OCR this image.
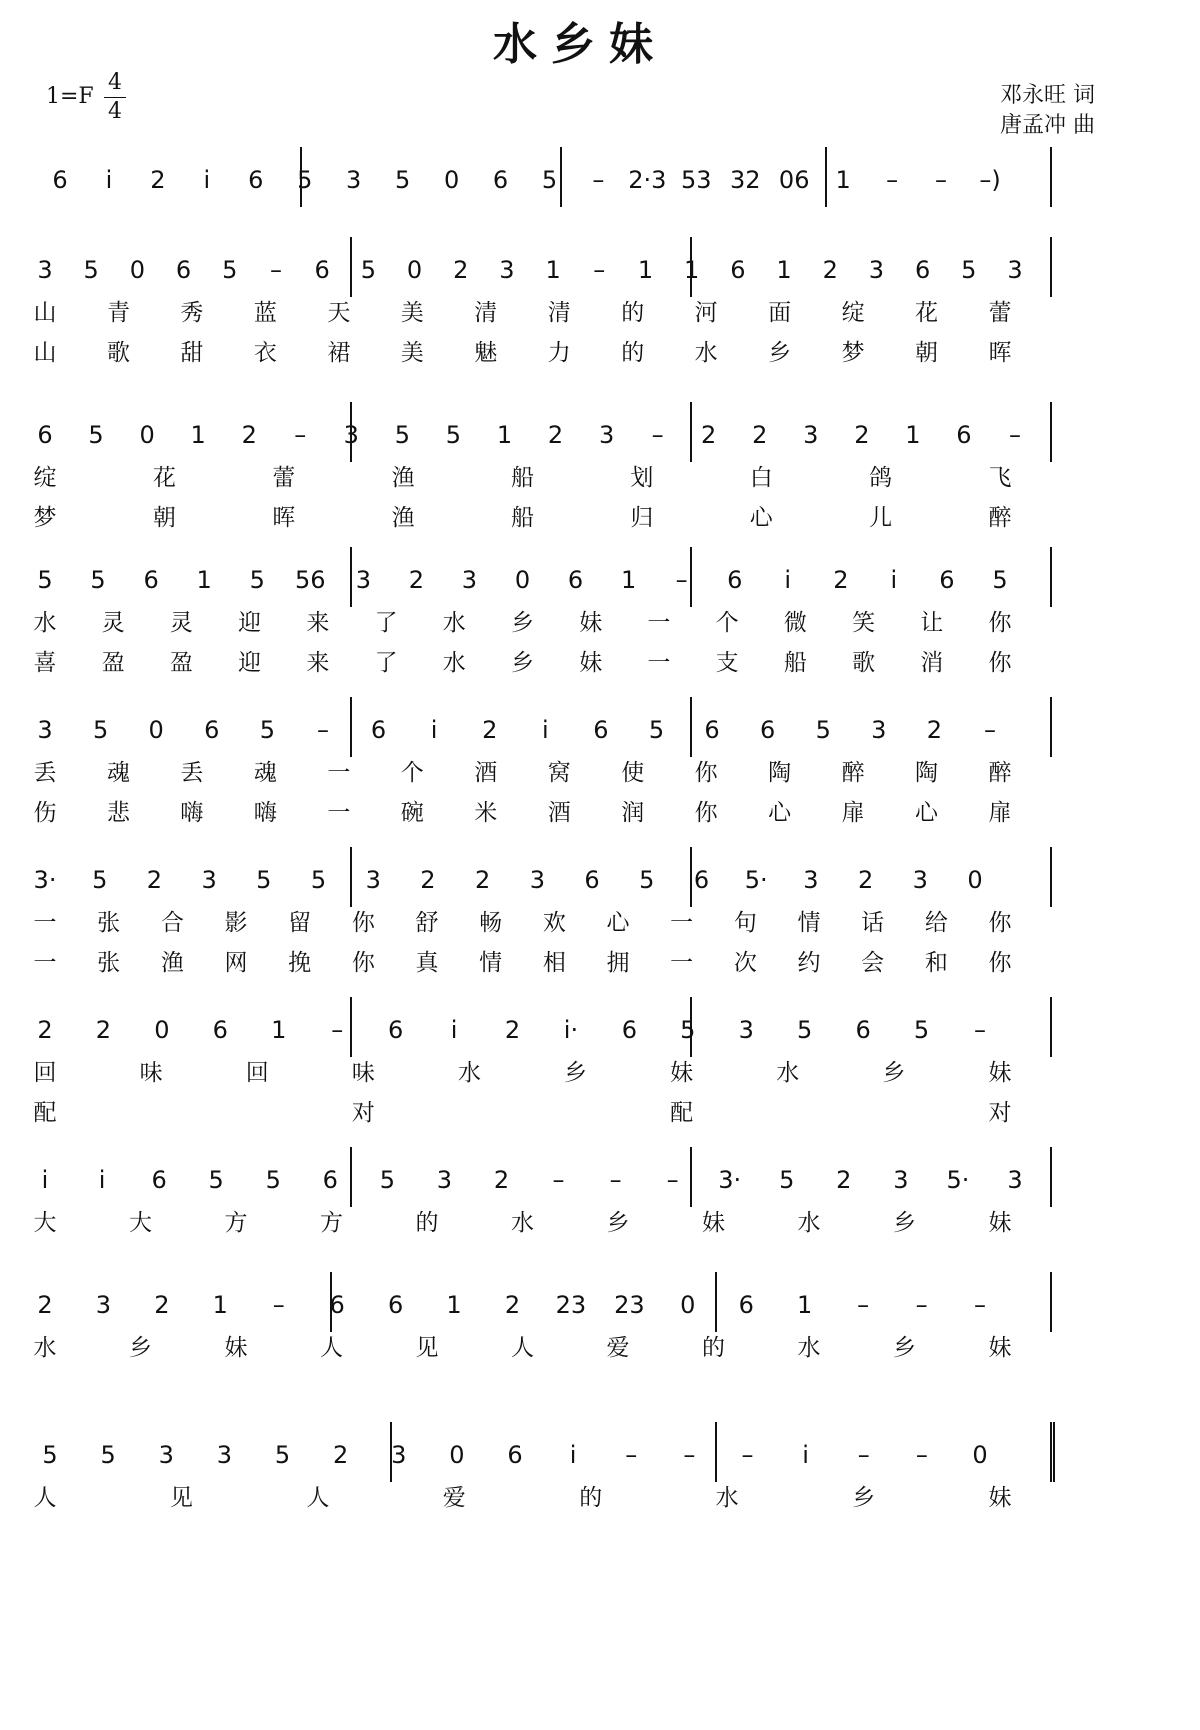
水乡妹
1=F
4
4
邓永旺 词
唐孟冲 曲
6 i 2 i 6 5 3 5 0 6 5 – 2·3 53 32 06 1 – – –)
3 5 0 6 5 – 6 5 0 2 3 1 – 1 1 6 1 2 3 6 5 3
山 青 秀 蓝 天 美 清 清 的 河 面 绽 花 蕾
山 歌 甜 衣 裙 美 魅 力 的 水 乡 梦 朝 晖
6 5 0 1 2 – 3 5 5 1 2 3 – 2 2 3 2 1 6 –
绽	花	蕾	渔	船	划	白	鸽	飞
梦	朝	晖	渔	船	归	心	儿	醉
5 5 6 1 5 56 3 2 3 0 6 1 – 6 i 2 i 6 5
水 灵 灵 迎 来 了 水 乡 妹 一 个 微 笑 让 你
喜 盈 盈 迎 来 了 水 乡 妹 一 支 船 歌 消 你
3 5 0 6 5 – 6 i 2 i 6 5 6 6 5 3 2 –
丢 魂 丢 魂 一 个 酒 窝 使 你 陶 醉 陶 醉
伤 悲 嗨 嗨 一 碗 米 酒 润 你 心 扉 心 扉
3· 5 2 3 5 5 3 2 2 3 6 5 6 5· 3 2 3 0
一 张 合 影 留 你 舒 畅 欢 心 一 句 情 话 给 你
一 张 渔 网 挽 你 真 情 相 拥 一 次 约 会 和 你
2 2 0 6 1 – 6 i 2 i· 6 5 3 5 6 5 –
回	味	回	味	水	乡	妹	水	乡	妹
配	对	配	对
i i 6 5 5 6 5 3 2 – – – 3· 5 2 3 5· 3
大	大	方	方	的	水	乡	妹	水	乡	妹
2 3 2 1 – 6 6 1 2 23 23 0 6 1 – – –
水	乡	妹	人	见	人	爱	的	水	乡	妹
5 5 3 3 5 2 3 0 6 i – – – i – – 0
人	见	人	爱	的	水	乡	妹
